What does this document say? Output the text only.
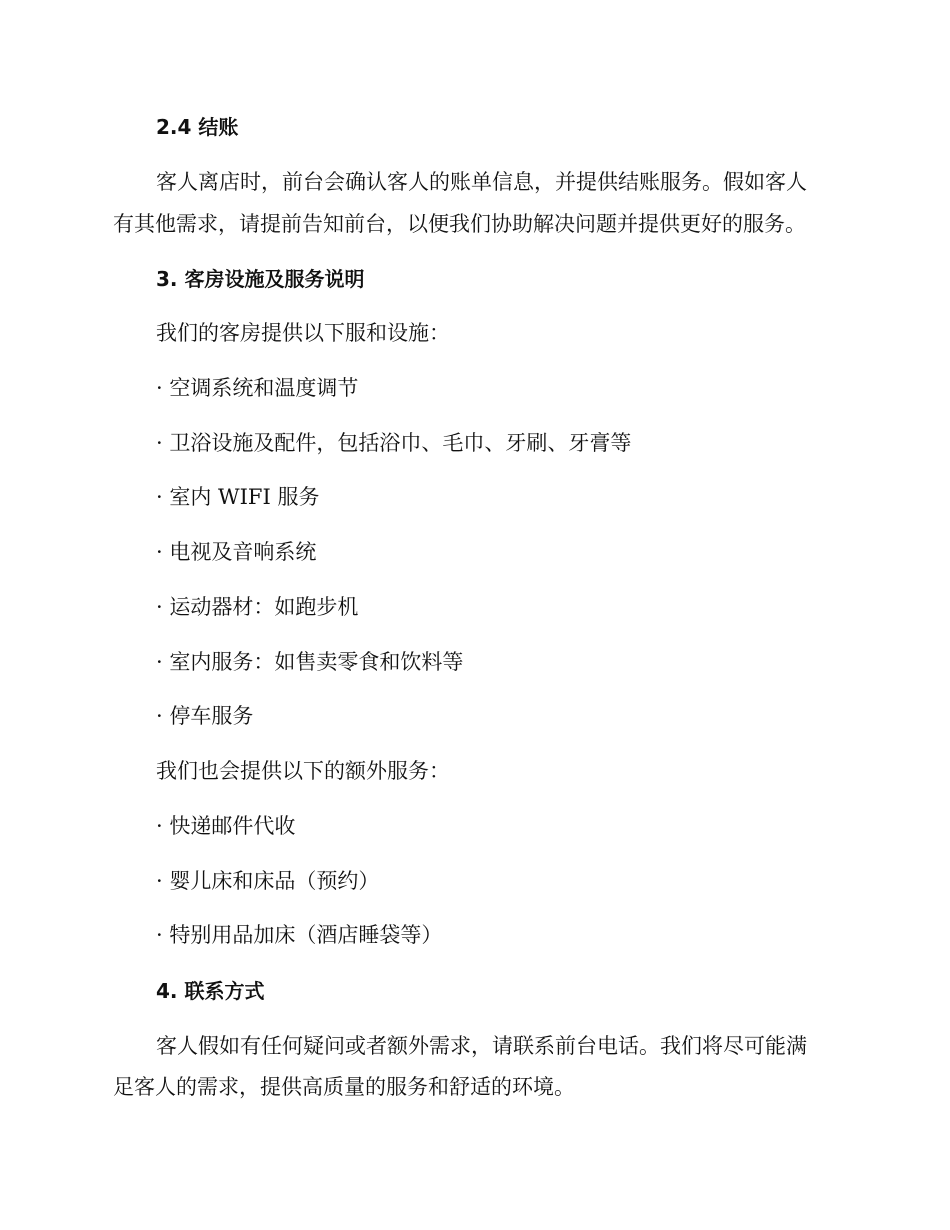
2.4 结账
客人离店时，前台会确认客人的账单信息，并提供结账服务。假如客人
有其他需求，请提前告知前台，以便我们协助解决问题并提供更好的服务。
3. 客房设施及服务说明
我们的客房提供以下服和设施：
· 空调系统和温度调节
· 卫浴设施及配件，包括浴巾、毛巾、牙刷、牙膏等
· 室内 WIFI 服务
· 电视及音响系统
· 运动器材：如跑步机
· 室内服务：如售卖零食和饮料等
· 停车服务
我们也会提供以下的额外服务：
· 快递邮件代收
· 婴儿床和床品（预约）
· 特别用品加床（酒店睡袋等）
4. 联系方式
客人假如有任何疑问或者额外需求，请联系前台电话。我们将尽可能满
足客人的需求，提供高质量的服务和舒适的环境。
